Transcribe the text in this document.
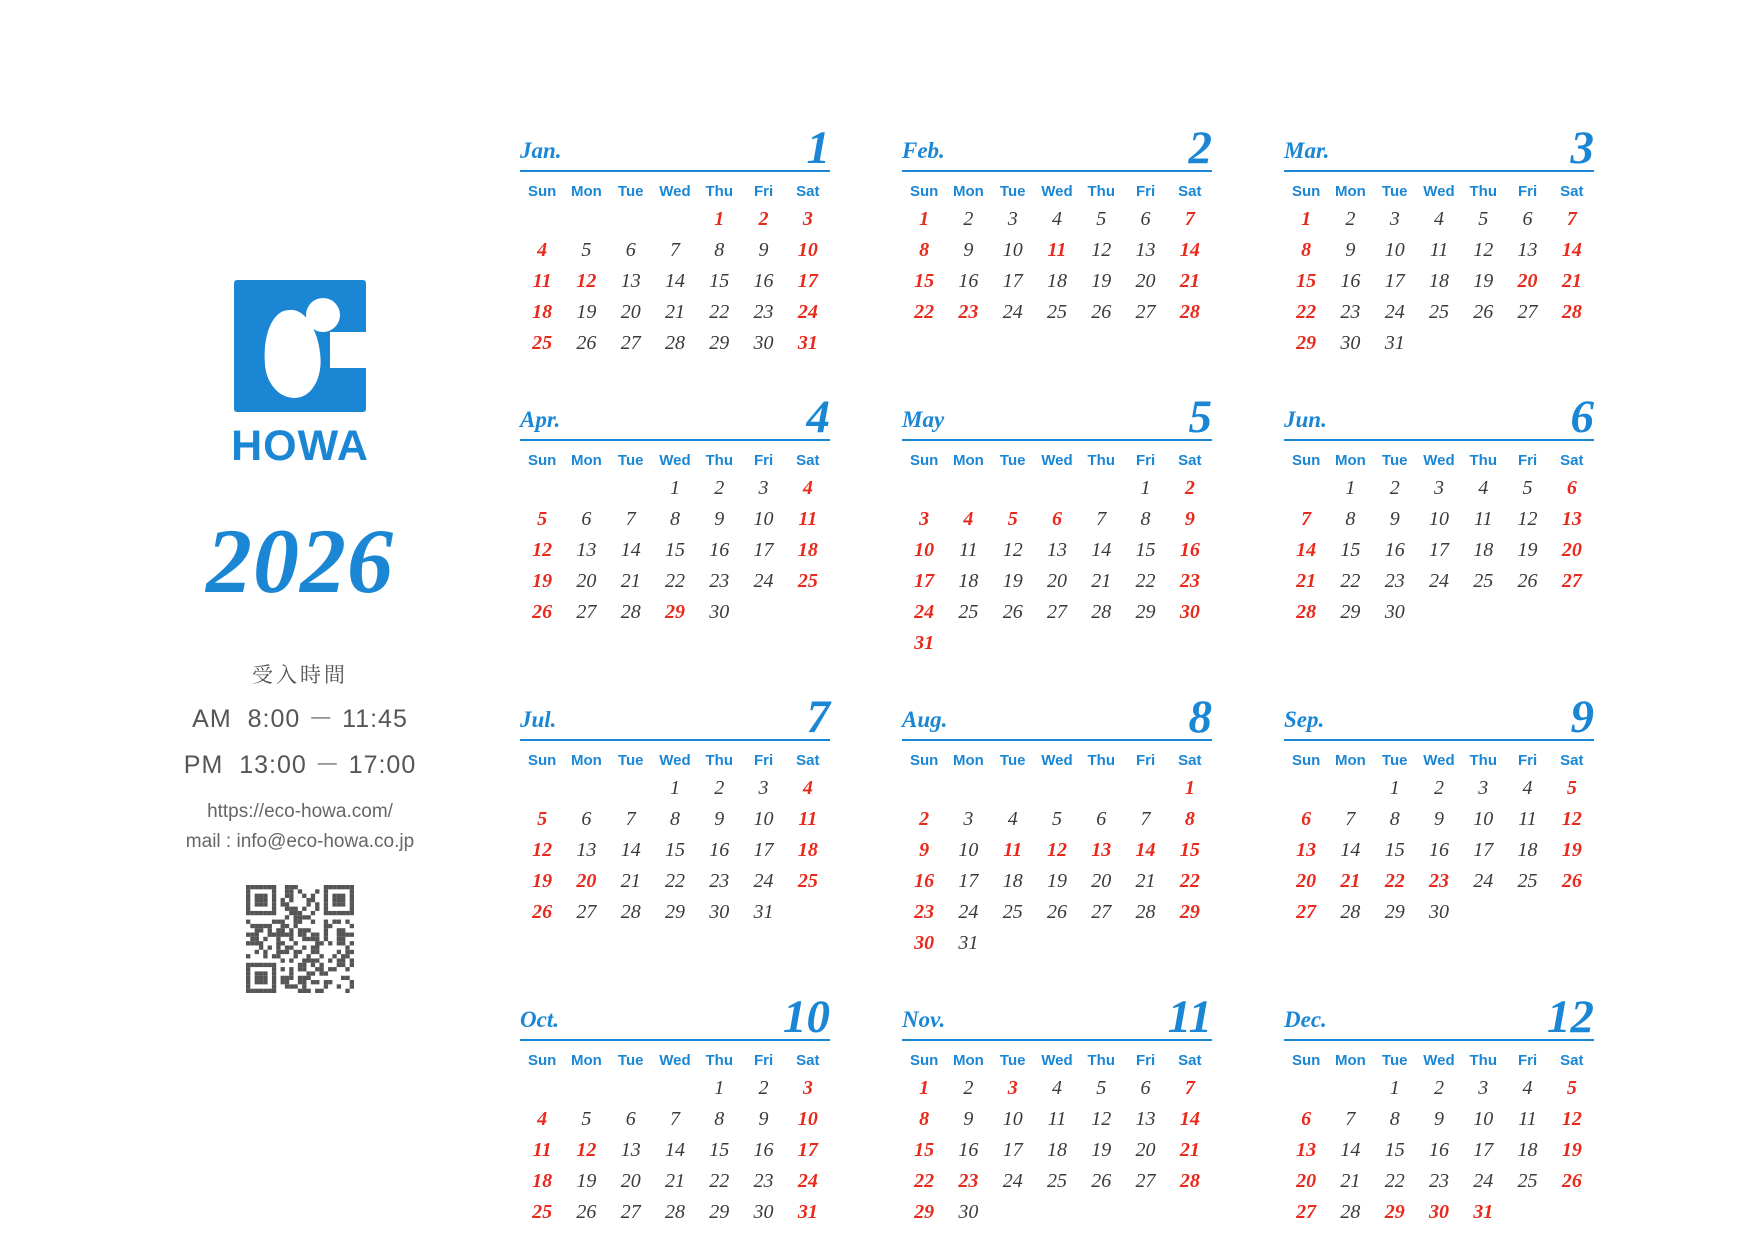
HOWA
2026
受入時間
AM 8:00 － 11:45
PM 13:00 － 17:00
https://eco-howa.com/
mail : info@eco-howa.co.jp
Jan.	1
Sun	Mon	Tue	Wed	Thu	Fri	Sat
				1	2	3
4	5	6	7	8	9	10
11	12	13	14	15	16	17
18	19	20	21	22	23	24
25	26	27	28	29	30	31
Feb.	2
Sun	Mon	Tue	Wed	Thu	Fri	Sat
1	2	3	4	5	6	7
8	9	10	11	12	13	14
15	16	17	18	19	20	21
22	23	24	25	26	27	28
Mar.	3
Sun	Mon	Tue	Wed	Thu	Fri	Sat
1	2	3	4	5	6	7
8	9	10	11	12	13	14
15	16	17	18	19	20	21
22	23	24	25	26	27	28
29	30	31				
Apr.	4
Sun	Mon	Tue	Wed	Thu	Fri	Sat
			1	2	3	4
5	6	7	8	9	10	11
12	13	14	15	16	17	18
19	20	21	22	23	24	25
26	27	28	29	30		
May	5
Sun	Mon	Tue	Wed	Thu	Fri	Sat
					1	2
3	4	5	6	7	8	9
10	11	12	13	14	15	16
17	18	19	20	21	22	23
24	25	26	27	28	29	30
31						
Jun.	6
Sun	Mon	Tue	Wed	Thu	Fri	Sat
	1	2	3	4	5	6
7	8	9	10	11	12	13
14	15	16	17	18	19	20
21	22	23	24	25	26	27
28	29	30				
Jul.	7
Sun	Mon	Tue	Wed	Thu	Fri	Sat
			1	2	3	4
5	6	7	8	9	10	11
12	13	14	15	16	17	18
19	20	21	22	23	24	25
26	27	28	29	30	31	
Aug.	8
Sun	Mon	Tue	Wed	Thu	Fri	Sat
						1
2	3	4	5	6	7	8
9	10	11	12	13	14	15
16	17	18	19	20	21	22
23	24	25	26	27	28	29
30	31					
Sep.	9
Sun	Mon	Tue	Wed	Thu	Fri	Sat
		1	2	3	4	5
6	7	8	9	10	11	12
13	14	15	16	17	18	19
20	21	22	23	24	25	26
27	28	29	30			
Oct.	10
Sun	Mon	Tue	Wed	Thu	Fri	Sat
				1	2	3
4	5	6	7	8	9	10
11	12	13	14	15	16	17
18	19	20	21	22	23	24
25	26	27	28	29	30	31
Nov.	11
Sun	Mon	Tue	Wed	Thu	Fri	Sat
1	2	3	4	5	6	7
8	9	10	11	12	13	14
15	16	17	18	19	20	21
22	23	24	25	26	27	28
29	30					
Dec.	12
Sun	Mon	Tue	Wed	Thu	Fri	Sat
		1	2	3	4	5
6	7	8	9	10	11	12
13	14	15	16	17	18	19
20	21	22	23	24	25	26
27	28	29	30	31		
